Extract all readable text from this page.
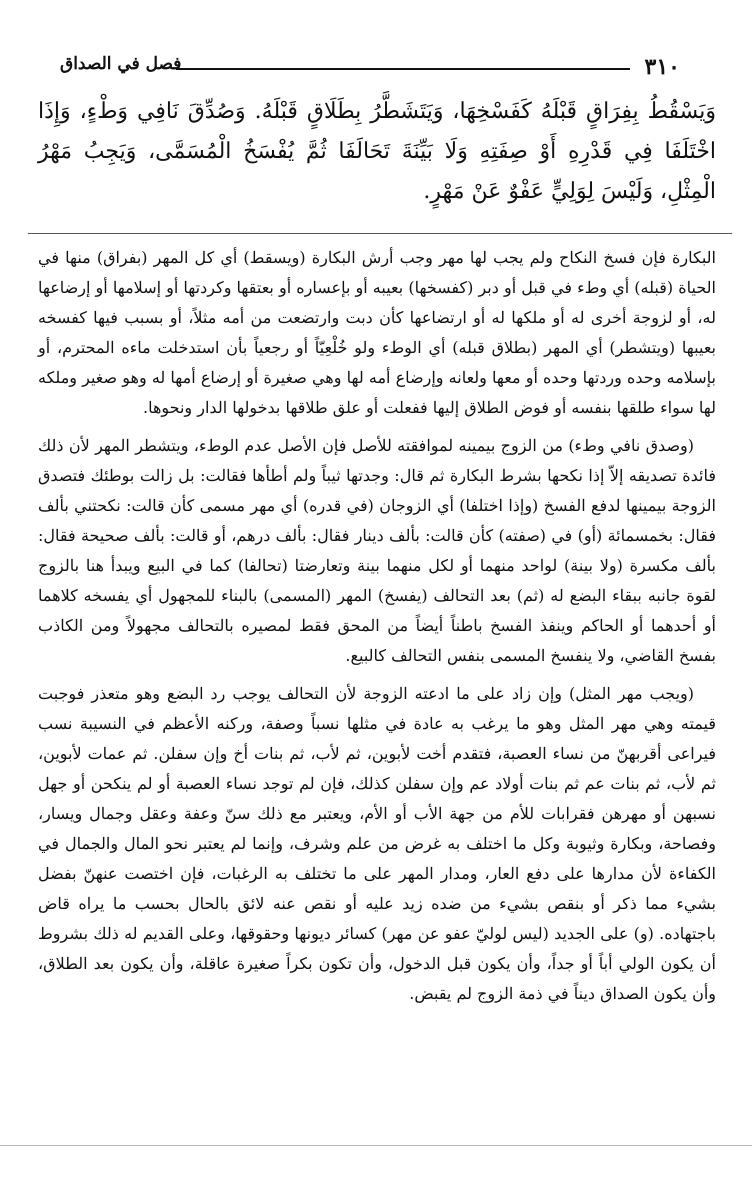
٣١٠
فصل في الصداق
وَيَسْقُطُ بِفِرَاقٍ قَبْلَهُ كَفَسْخِهَا، وَيَتَشَطَّرُ بِطَلَاقٍ قَبْلَهُ. وَصُدِّقَ نَافِي وَطْءٍ، وَإِذَا اخْتَلَفَا فِي قَدْرِهِ أَوْ صِفَتِهِ وَلَا بَيِّنَةَ تَحَالَفَا ثُمَّ يُفْسَخُ الْمُسَمَّى، وَيَجِبُ مَهْرُ الْمِثْلِ، وَلَيْسَ لِوَلِيٍّ عَفْوٌ عَنْ مَهْرٍ.

البكارة فإن فسخ النكاح ولم يجب لها مهر وجب أرش البكارة (ويسقط) أي كل المهر (بفراق) منها في الحياة (قبله) أي وطء في قبل أو دبر (كفسخها) بعيبه أو بإعساره أو بعتقها وكردتها أو إسلامها أو إرضاعها له، أو لزوجة أخرى له أو ملكها له أو ارتضاعها كأن دبت وارتضعت من أمه مثلاً، أو بسبب فيها كفسخه بعيبها (ويتشطر) أي المهر (بطلاق قبله) أي الوطء ولو خُلْعِيّاً أو رجعياً بأن استدخلت ماءه المحترم، أو بإسلامه وحده وردتها وحده أو معها ولعانه وإرضاع أمه لها وهي صغيرة أو إرضاع أمها له وهو صغير وملكه لها سواء طلقها بنفسه أو فوض الطلاق إليها ففعلت أو علق طلاقها بدخولها الدار ونحوها.

(وصدق نافي وطء) من الزوج بيمينه لموافقته للأصل فإن الأصل عدم الوطء، ويتشطر المهر لأن ذلك فائدة تصديقه إلاّ إذا نكحها بشرط البكارة ثم قال: وجدتها ثيباً ولم أطأها فقالت: بل زالت بوطئك فتصدق الزوجة بيمينها لدفع الفسخ (وإذا اختلفا) أي الزوجان (في قدره) أي مهر مسمى كأن قالت: نكحتني بألف فقال: بخمسمائة (أو) في (صفته) كأن قالت: بألف دينار فقال: بألف درهم، أو قالت: بألف صحيحة فقال: بألف مكسرة (ولا بينة) لواحد منهما أو لكل منهما بينة وتعارضتا (تحالفا) كما في البيع ويبدأ هنا بالزوج لقوة جانبه ببقاء البضع له (ثم) بعد التحالف (يفسخ) المهر (المسمى) بالبناء للمجهول أي يفسخه كلاهما أو أحدهما أو الحاكم وينفذ الفسخ باطناً أيضاً من المحق فقط لمصيره بالتحالف مجهولاً ومن الكاذب بفسخ القاضي، ولا ينفسخ المسمى بنفس التحالف كالبيع.

(ويجب مهر المثل) وإن زاد على ما ادعته الزوجة لأن التحالف يوجب رد البضع وهو متعذر فوجبت قيمته وهي مهر المثل وهو ما يرغب به عادة في مثلها نسباً وصفة، وركنه الأعظم في النسيبة نسب فيراعى أقربهنّ من نساء العصبة، فتقدم أخت لأبوين، ثم لأب، ثم بنات أخ وإن سفلن. ثم عمات لأبوين، ثم لأب، ثم بنات عم ثم بنات أولاد عم وإن سفلن كذلك، فإن لم توجد نساء العصبة أو لم ينكحن أو جهل نسبهن أو مهرهن فقرابات للأم من جهة الأب أو الأم، ويعتبر مع ذلك سنّ وعفة وعقل وجمال ويسار، وفصاحة، وبكارة وثيوبة وكل ما اختلف به غرض من علم وشرف، وإنما لم يعتبر نحو المال والجمال في الكفاءة لأن مدارها على دفع العار، ومدار المهر على ما تختلف به الرغبات، فإن اختصت عنهنّ بفضل بشيء مما ذكر أو بنقص بشيء من ضده زيد عليه أو نقص عنه لائق بالحال بحسب ما يراه قاض باجتهاده. (و) على الجديد (ليس لوليّ عفو عن مهر) كسائر ديونها وحقوقها، وعلى القديم له ذلك بشروط أن يكون الولي أباً أو جداً، وأن يكون قبل الدخول، وأن تكون بكراً صغيرة عاقلة، وأن يكون بعد الطلاق، وأن يكون الصداق ديناً في ذمة الزوج لم يقبض.
